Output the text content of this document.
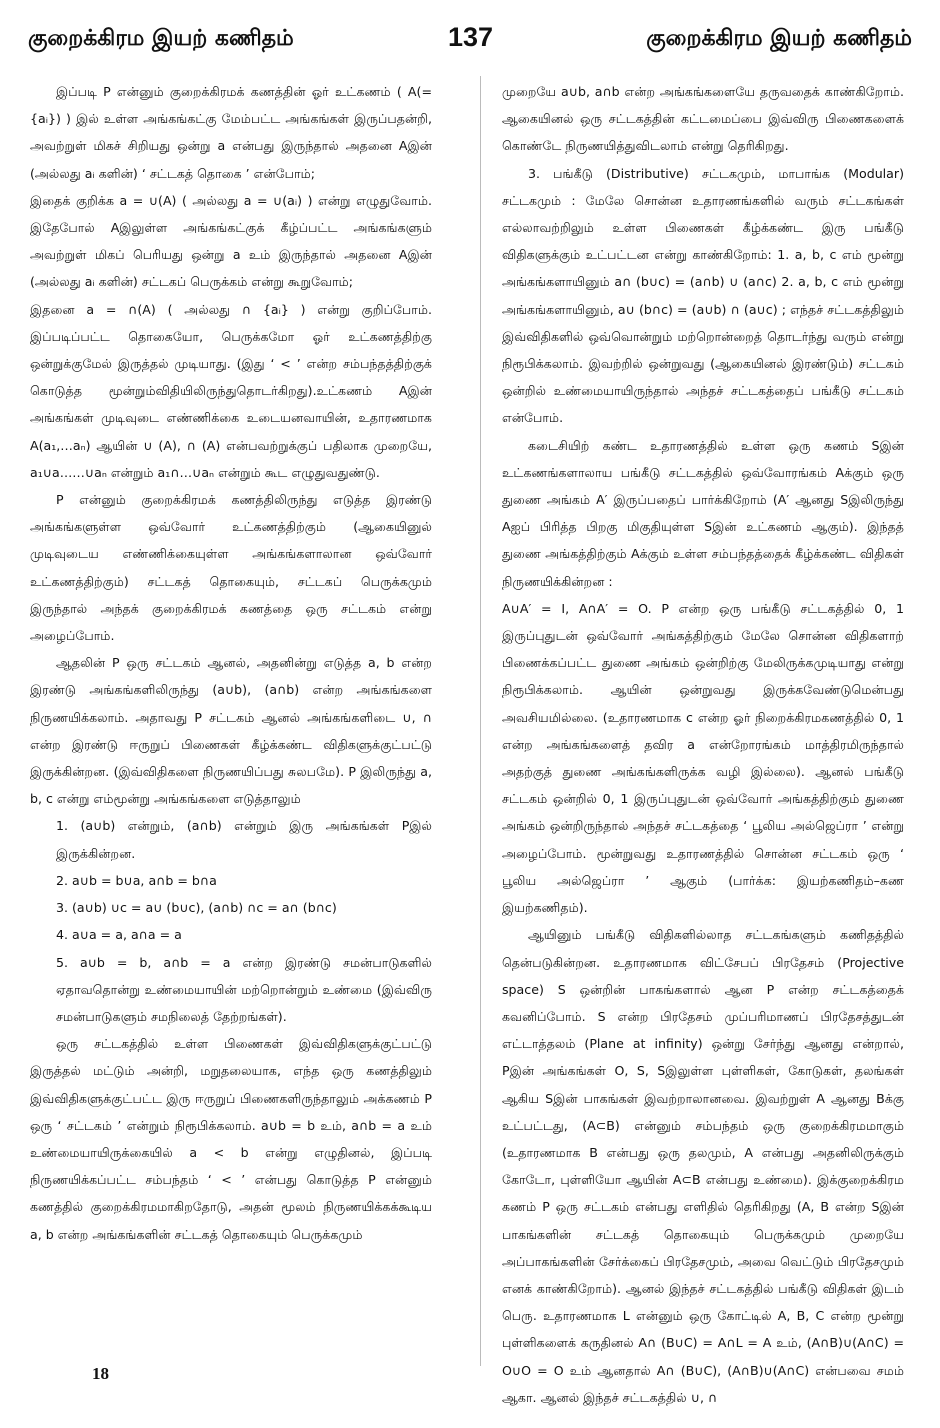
குறைக்கிரம இயற் கணிதம்	137	குறைக்கிரம இயற் கணிதம்

இப்படி P என்னும் குறைக்கிரமக் கணத்தின் ஓர் உட்கணம் ( A(= {aᵢ}) ) இல் உள்ள அங்கங்கட்கு மேம்பட்ட அங்கங்கள் இருப்பதன்றி, அவற்றுள் மிகச் சிறியது ஒன்று a என்பது இருந்தால் அதனை Aஇன் (அல்லது aᵢ களின்) ‘ சட்டகத் தொகை ’ என்போம்;

இதைக் குறிக்க a = ∪(A) ( அல்லது a = ∪(aᵢ) ) என்று எழுதுவோம். இதேபோல் Aஇலுள்ள அங்கங்கட்குக் கீழ்ப்பட்ட அங்கங்களும் அவற்றுள் மிகப் பெரியது ஒன்று a உம் இருந்தால் அதனை Aஇன் (அல்லது aᵢ களின்) சட்டகப் பெருக்கம் என்று கூறுவோம்;

இதனை a = ∩(A) ( அல்லது ∩ {aᵢ} ) என்று குறிப்போம். இப்படிப்பட்ட தொகையோ, பெருக்கமோ ஓர் உட்கணத்திற்கு ஒன்றுக்குமேல் இருத்தல் முடியாது. (இது ‘ < ’ என்ற சம்பந்தத்திற்குக் கொடுத்த மூன்றும்விதியிலிருந்துதொடர்கிறது).உட்கணம் Aஇன் அங்கங்கள் முடிவுடை எண்ணிக்கை உடையனவாயின், உதாரணமாக A(a₁,…aₙ) ஆயின் ∪ (A), ∩ (A) என்பவற்றுக்குப் பதிலாக முறையே, a₁∪a……∪aₙ என்றும் a₁∩…∪aₙ என்றும் கூட எழுதுவதுண்டு.

P என்னும் குறைக்கிரமக் கணத்திலிருந்து எடுத்த இரண்டு அங்கங்களுள்ள ஒவ்வோர் உட்கணத்திற்கும் (ஆகையினுல் முடிவுடைய எண்ணிக்கையுள்ள அங்கங்களாலான ஒவ்வோர் உட்கணத்திற்கும்) சட்டகத் தொகையும், சட்டகப் பெருக்கமும் இருந்தால் அந்தக் குறைக்கிரமக் கணத்தை ஒரு சட்டகம் என்று அழைப்போம்.

ஆதலின் P ஒரு சட்டகம் ஆனல், அதனின்று எடுத்த a, b என்ற இரண்டு அங்கங்களிலிருந்து (a∪b), (a∩b) என்ற அங்கங்களை நிருணயிக்கலாம். அதாவது P சட்டகம் ஆனல் அங்கங்களிடை ∪, ∩ என்ற இரண்டு ஈருறுப் பிணைகள் கீழ்க்கண்ட விதிகளுக்குட்பட்டு இருக்கின்றன. (இவ்விதிகளை நிருணயிப்பது சுலபமே). P இலிருந்து a, b, c என்று எம்மூன்று அங்கங்களை எடுத்தாலும்

1. (a∪b) என்றும், (a∩b) என்றும் இரு அங்கங்கள் Pஇல் இருக்கின்றன.

2. a∪b = b∪a, a∩b = b∩a

3. (a∪b) ∪c = a∪ (b∪c), (a∩b) ∩c = a∩ (b∩c)

4. a∪a = a, a∩a = a

5. a∪b = b, a∩b = a என்ற இரண்டு சமன்பாடுகளில் ஏதாவதொன்று உண்மையாயின் மற்றொன்றும் உண்மை (இவ்விரு சமன்பாடுகளும் சமநிலைத் தேற்றங்கள்).

ஒரு சட்டகத்தில் உள்ள பிணைகள் இவ்விதிகளுக்குட்பட்டு இருத்தல் மட்டும் அன்றி, மறுதலையாக, எந்த ஒரு கணத்திலும் இவ்விதிகளுக்குட்பட்ட இரு ஈருறுப் பிணைகளிருந்தாலும் அக்கணம் P ஒரு ‘ சட்டகம் ’ என்றும் நிரூபிக்கலாம். a∪b = b உம், a∩b = a உம் உண்மையாயிருக்கையில் a < b என்று எழுதினல், இப்படி நிருணயிக்கப்பட்ட சம்பந்தம் ‘ < ’ என்பது கொடுத்த P என்னும் கணத்தில் குறைக்கிரமமாகிறதோடு, அதன் மூலம் நிருணயிக்கக்கூடிய a, b என்ற அங்கங்களின் சட்டகத் தொகையும் பெருக்கமும்

முறையே a∪b, a∩b என்ற அங்கங்களையே தருவதைக் காண்கிறோம். ஆகையினல் ஒரு சட்டகத்தின் கட்டமைப்பை இவ்விரு பிணைகளைக் கொண்டே நிருணயித்துவிடலாம் என்று தெரிகிறது.

3. பங்கீடு (Distributive) சட்டகமும், மாபாங்க (Modular) சட்டகமும் : மேலே சொன்ன உதாரணங்களில் வரும் சட்டகங்கள் எல்லாவற்றிலும் உள்ள பிணைகள் கீழ்க்கண்ட இரு பங்கீடு விதிகளுக்கும் உட்பட்டன என்று காண்கிறோம்: 1. a, b, c எம் மூன்று அங்கங்களாயினும் a∩ (b∪c) = (a∩b) ∪ (a∩c) 2. a, b, c எம் மூன்று அங்கங்களாயினும், a∪ (b∩c) = (a∪b) ∩ (a∪c) ; எந்தச் சட்டகத்திலும் இவ்விதிகளில் ஒவ்வொன்றும் மற்றொன்றைத் தொடர்ந்து வரும் என்று நிரூபிக்கலாம். இவற்றில் ஒன்றுவது (ஆகையினல் இரண்டும்) சட்டகம் ஒன்றில் உண்மையாயிருந்தால் அந்தச் சட்டகத்தைப் பங்கீடு சட்டகம் என்போம்.

கடைசியிற் கண்ட உதாரணத்தில் உள்ள ஒரு கணம் Sஇன் உட்கணங்களாலாய பங்கீடு சட்டகத்தில் ஒவ்வோரங்கம் Aக்கும் ஒரு துணை அங்கம் A′ இருப்பதைப் பார்க்கிறோம் (A′ ஆனது Sஇலிருந்து Aஐப் பிரித்த பிறகு மிகுதியுள்ள Sஇன் உட்கணம் ஆகும்). இந்தத் துணை அங்கத்திற்கும் Aக்கும் உள்ள சம்பந்தத்தைக் கீழ்க்கண்ட விதிகள் நிருணயிக்கின்றன :

A∪A′ = I, A∩A′ = O. P என்ற ஒரு பங்கீடு சட்டகத்தில் 0, 1 இருப்புதுடன் ஒவ்வோர் அங்கத்திற்கும் மேலே சொன்ன விதிகளாற் பிணைக்கப்பட்ட துணை அங்கம் ஒன்றிற்கு மேலிருக்கமுடியாது என்று நிரூபிக்கலாம். ஆயின் ஒன்றுவது இருக்கவேண்டுமென்பது அவசியமில்லை. (உதாரணமாக c என்ற ஓர் நிறைக்கிரமகணத்தில் 0, 1 என்ற அங்கங்களைத் தவிர a என்றோரங்கம் மாத்திரமிருந்தால் அதற்குத் துணை அங்கங்களிருக்க வழி இல்லை). ஆனல் பங்கீடு சட்டகம் ஒன்றில் 0, 1 இருப்புதுடன் ஒவ்வோர் அங்கத்திற்கும் துணை அங்கம் ஒன்றிருந்தால் அந்தச் சட்டகத்தை ‘ பூலிய அல்ஜெப்ரா ’ என்று அழைப்போம். மூன்றுவது உதாரணத்தில் சொன்ன சட்டகம் ஒரு ‘ பூலிய அல்ஜெப்ரா ’ ஆகும் (பார்க்க: இயற்கணிதம்–கண இயற்கணிதம்).

ஆயினும் பங்கீடு விதிகளில்லாத சட்டகங்களும் கணிதத்தில் தென்படுகின்றன. உதாரணமாக விட்சேபப் பிரதேசம் (Projective space) S ஒன்றின் பாகங்களால் ஆன P என்ற சட்டகத்தைக் கவனிப்போம். S என்ற பிரதேசம் முப்பரிமாணப் பிரதேசத்துடன் எட்டாத்தலம் (Plane at infinity) ஒன்று சேர்ந்து ஆனது என்றால், Pஇன் அங்கங்கள் O, S, Sஇலுள்ள புள்ளிகள், கோடுகள், தலங்கள் ஆகிய Sஇன் பாகங்கள் இவற்றாலானவை. இவற்றுள் A ஆனது Bக்கு உட்பட்டது, (A⊂B) என்னும் சம்பந்தம் ஒரு குறைக்கிரமமாகும் (உதாரணமாக B என்பது ஒரு தலமும், A என்பது அதனிலிருக்கும் கோடோ, புள்ளியோ ஆயின் A⊂B என்பது உண்மை). இக்குறைக்கிரம கணம் P ஒரு சட்டகம் என்பது எளிதில் தெரிகிறது (A, B என்ற Sஇன் பாகங்களின் சட்டகத் தொகையும் பெருக்கமும் முறையே அப்பாகங்களின் சேர்க்கைப் பிரதேசமும், அவை வெட்டும் பிரதேசமும் எனக் காண்கிறோம்). ஆனல் இந்தச் சட்டகத்தில் பங்கீடு விதிகள் இடம் பெரு. உதாரணமாக L என்னும் ஒரு கோட்டில் A, B, C என்ற மூன்று புள்ளிகளைக் கருதினல் A∩ (B∪C) = A∩L = A உம், (A∩B)∪(A∩C) = O∪O = O உம் ஆனதால் A∩ (B∪C), (A∩B)∪(A∩C) என்பவை சமம் ஆகா. ஆனல் இந்தச் சட்டகத்தில் ∪, ∩

18
